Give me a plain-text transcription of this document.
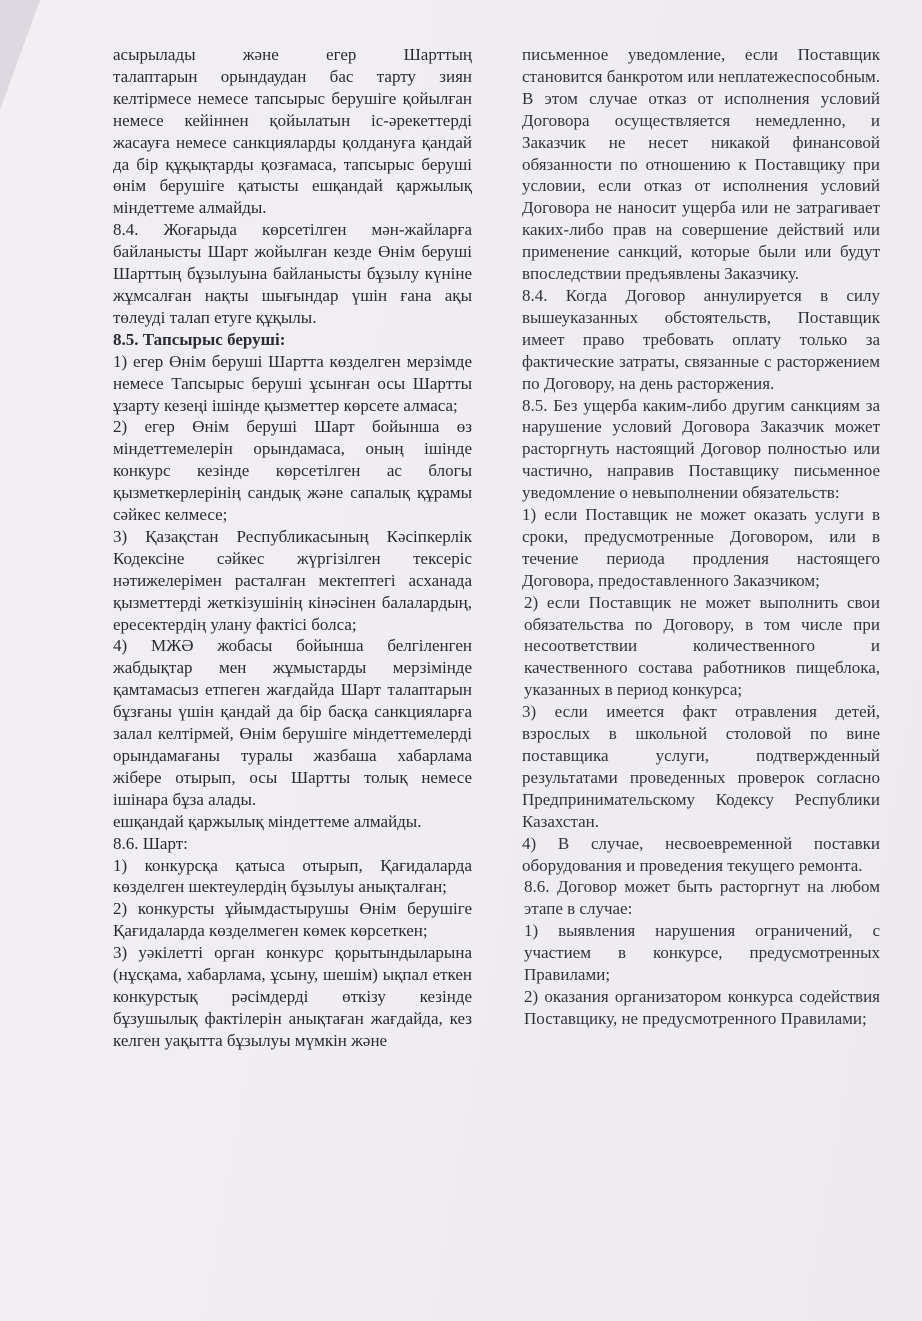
асырылады және егер Шарттың

талаптарын орындаудан бас тарту зиян келтірмесе немесе тапсырыс берушіге қойылған немесе кейіннен қойылатын іс-әрекеттерді жасауға немесе санкцияларды қолдануға қандай да бір құқықтарды қозғамаса, тапсырыс беруші өнім берушіге қатысты ешқандай қаржылық міндеттеме алмайды.

8.4. Жоғарыда көрсетілген мән-жайларға байланысты Шарт жойылған кезде Өнім беруші Шарттың бұзылуына байланысты бұзылу күніне жұмсалған нақты шығындар үшін ғана ақы төлеуді талап етуге құқылы.

8.5. Тапсырыс беруші:

1) егер Өнім беруші Шартта көзделген мерзімде немесе Тапсырыс беруші ұсынған осы Шартты ұзарту кезеңі ішінде қызметтер көрсете алмаса;

2) егер Өнім беруші Шарт бойынша өз міндеттемелерін орындамаса, оның ішінде конкурс кезінде көрсетілген ас блогы қызметкерлерінің сандық және сапалық құрамы сәйкес келмесе;

3) Қазақстан Республикасының Кәсіпкерлік Кодексіне сәйкес жүргізілген тексеріс нәтижелерімен расталған мектептегі асханада қызметтерді жеткізушінің кінәсінен балалардың, ересектердің улану фактісі болса;

4) МЖӘ жобасы бойынша белгіленген жабдықтар мен жұмыстарды мерзімінде қамтамасыз етпеген жағдайда Шарт талаптарын бұзғаны үшін қандай да бір басқа санкцияларға залал келтірмей, Өнім берушіге міндеттемелерді орындамағаны туралы жазбаша хабарлама жібере отырып, осы Шартты толық немесе ішінара бұза алады.

ешқандай қаржылық міндеттеме алмайды.

8.6. Шарт:

1) конкурсқа қатыса отырып, Қағидаларда көзделген шектеулердің бұзылуы анықталған;

2) конкурсты ұйымдастырушы Өнім берушіге Қағидаларда көзделмеген көмек көрсеткен;

3) уәкілетті орган конкурс қорытындыларына (нұсқама, хабарлама, ұсыну, шешім) ықпал еткен конкурстық рәсімдерді өткізу кезінде бұзушылық фактілерін анықтаған жағдайда, кез келген уақытта бұзылуы мүмкін және

письменное уведомление, если Поставщик становится банкротом или неплатежеспособным. В этом случае отказ от исполнения условий Договора осуществляется немедленно, и Заказчик не несет никакой финансовой обязанности по отношению к Поставщику при условии, если отказ от исполнения условий Договора не наносит ущерба или не затрагивает каких-либо прав на совершение действий или применение санкций, которые были или будут впоследствии предъявлены Заказчику.

8.4. Когда Договор аннулируется в силу вышеуказанных обстоятельств, Поставщик имеет право требовать оплату только за фактические затраты, связанные с расторжением по Договору, на день расторжения.

8.5. Без ущерба каким-либо другим санкциям за нарушение условий Договора Заказчик может расторгнуть настоящий Договор полностью или частично, направив Поставщику письменное уведомление о невыполнении обязательств:

1) если Поставщик не может оказать услуги в сроки, предусмотренные Договором, или в течение периода продления настоящего Договора, предоставленного Заказчиком;

2) если Поставщик не может выполнить свои обязательства по Договору, в том числе при несоответствии количественного и качественного состава работников пищеблока, указанных в период конкурса;

3) если имеется факт отравления детей, взрослых в школьной столовой по вине поставщика услуги, подтвержденный результатами проведенных проверок согласно Предпринимательскому Кодексу Республики Казахстан.

4) В случае, несвоевременной поставки оборудования и проведения текущего ремонта.

8.6. Договор может быть расторгнут на любом этапе в случае:

1) выявления нарушения ограничений, с участием в конкурсе, предусмотренных Правилами;

2) оказания организатором конкурса содействия Поставщику, не предусмотренного Правилами;
